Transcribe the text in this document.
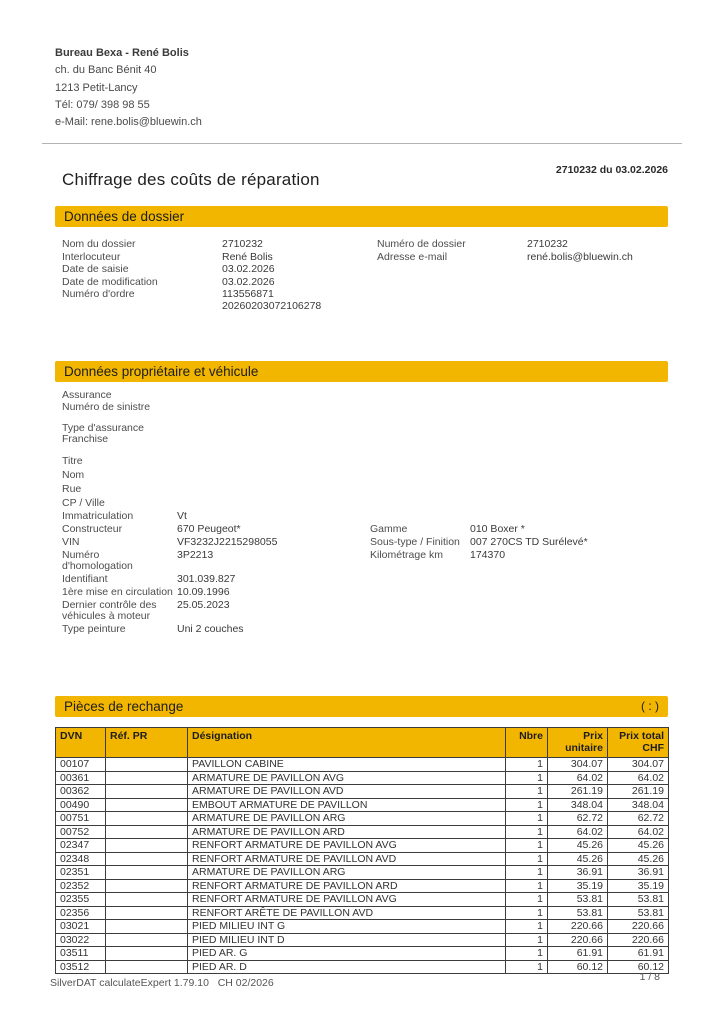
Bureau Bexa - René Bolis
ch. du Banc Bénit 40
1213 Petit-Lancy
Tél: 079/ 398 98 55
e-Mail: rene.bolis@bluewin.ch
Chiffrage des coûts de réparation	2710232 du 03.02.2026
Données de dossier
Nom du dossier	2710232
Interlocuteur	René Bolis
Date de saisie	03.02.2026
Date de modification	03.02.2026
Numéro d'ordre	113556871   20260203072106278
Numéro de dossier	2710232
Adresse e-mail	rené.bolis@bluewin.ch
Données propriétaire et véhicule
Assurance
Numéro de sinistre
Type d'assurance
Franchise
Titre
Nom
Rue
CP / Ville
Immatriculation	Vt
Constructeur	670 Peugeot*
VIN	VF3232J2215298055
Numéro d'homologation
3P2213
Identifiant	301.039.827
1ère mise en circulation 10.09.1996
Dernier contrôle des véhicules à moteur
25.05.2023
Type peinture	Uni 2 couches
Gamme	010 Boxer *
Sous-type / Finition 007 270CS TD Surélevé*
Kilométrage km	174370
Pièces de rechange	( : )
DVN	Réf. PR	Désignation	Nbre	Prix
unitaire	Prix total
CHF
00107		PAVILLON CABINE	1	304.07	304.07
00361		ARMATURE DE PAVILLON AVG	1	64.02	64.02
00362		ARMATURE DE PAVILLON AVD	1	261.19	261.19
00490		EMBOUT ARMATURE DE PAVILLON	1	348.04	348.04
00751		ARMATURE DE PAVILLON ARG	1	62.72	62.72
00752		ARMATURE DE PAVILLON ARD	1	64.02	64.02
02347		RENFORT ARMATURE DE PAVILLON AVG	1	45.26	45.26
02348		RENFORT ARMATURE DE PAVILLON AVD	1	45.26	45.26
02351		ARMATURE DE PAVILLON ARG	1	36.91	36.91
02352		RENFORT ARMATURE DE PAVILLON ARD	1	35.19	35.19
02355		RENFORT ARMATURE DE PAVILLON AVG	1	53.81	53.81
02356		RENFORT ARÊTE DE PAVILLON AVD	1	53.81	53.81
03021		PIED MILIEU INT G	1	220.66	220.66
03022		PIED MILIEU INT D	1	220.66	220.66
03511		PIED AR. G	1	61.91	61.91
03512		PIED AR. D	1	60.12	60.12
SilverDAT calculateExpert 1.79.10   CH 02/2026	1 / 8
